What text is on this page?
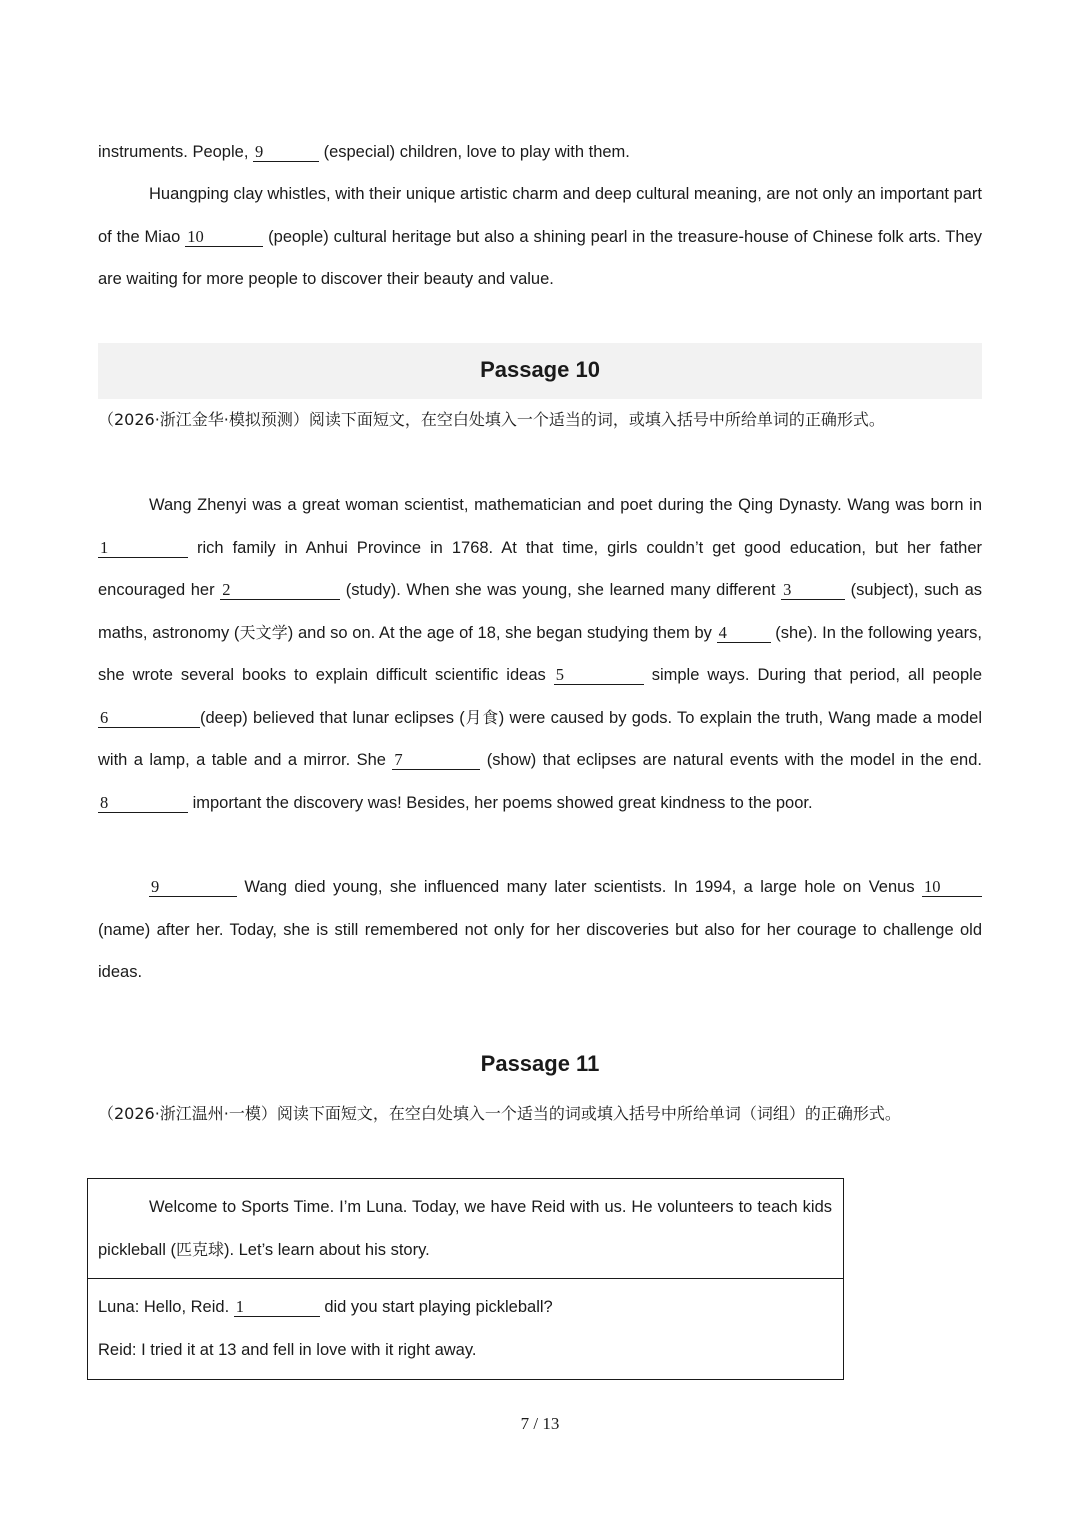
instruments. People, 9	(especial) children, love to play with them.

Huangping clay whistles, with their unique artistic charm and deep cultural meaning, are not only an important part of the Miao 10	(people) cultural heritage but also a shining pearl in the treasure-house of Chinese folk arts. They are waiting for more people to discover their beauty and value.

Passage 10

（2026·浙江金华·模拟预测）阅读下面短文，在空白处填入一个适当的词，或填入括号中所给单词的正确形式。

Wang Zhenyi was a great woman scientist, mathematician and poet during the Qing Dynasty. Wang was born in 1	rich family in Anhui Province in 1768. At that time, girls couldn’t get good education, but her father encouraged her 2	(study). When she was young, she learned many different 3	(subject), such as maths, astronomy (天文学) and so on. At the age of 18, she began studying them by 4	(she). In the following years, she wrote several books to explain difficult scientific ideas 5	simple ways. During that period, all people 6	(deep) believed that lunar eclipses (月食) were caused by gods. To explain the truth, Wang made a model with a lamp, a table and a mirror. She 7	(show) that eclipses are natural events with the model in the end. 8	important the discovery was! Besides, her poems showed great kindness to the poor.

9	Wang died young, she influenced many later scientists. In 1994, a large hole on Venus 10 (name) after her. Today, she is still remembered not only for her discoveries but also for her courage to challenge old ideas.

Passage 11

（2026·浙江温州·一模）阅读下面短文，在空白处填入一个适当的词或填入括号中所给单词（词组）的正确形式。

Welcome to Sports Time. I’m Luna. Today, we have Reid with us. He volunteers to teach kids pickleball (匹克球). Let’s learn about his story.

Luna: Hello, Reid. 1	did you start playing pickleball?

Reid: I tried it at 13 and fell in love with it right away.

7 / 13
